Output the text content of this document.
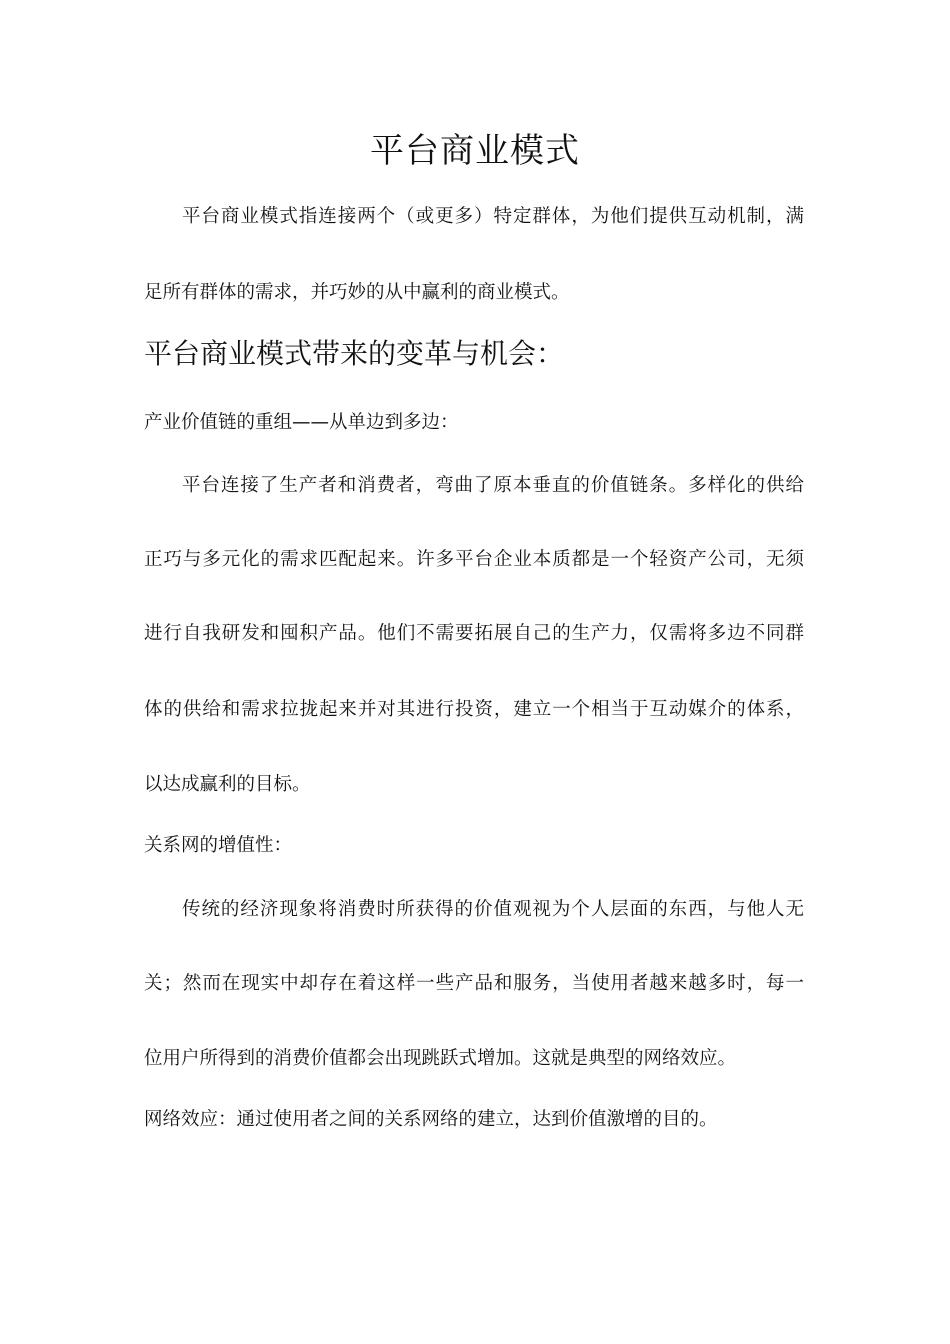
平台商业模式
平台商业模式指连接两个（或更多）特定群体，为他们提供互动机制，满
足所有群体的需求，并巧妙的从中赢利的商业模式。
平台商业模式带来的变革与机会：
产业价值链的重组——从单边到多边：
平台连接了生产者和消费者，弯曲了原本垂直的价值链条。多样化的供给
正巧与多元化的需求匹配起来。许多平台企业本质都是一个轻资产公司，无须
进行自我研发和囤积产品。他们不需要拓展自己的生产力，仅需将多边不同群
体的供给和需求拉拢起来并对其进行投资，建立一个相当于互动媒介的体系，
以达成赢利的目标。
关系网的增值性：
传统的经济现象将消费时所获得的价值观视为个人层面的东西，与他人无
关；然而在现实中却存在着这样一些产品和服务，当使用者越来越多时，每一
位用户所得到的消费价值都会出现跳跃式增加。这就是典型的网络效应。
网络效应：通过使用者之间的关系网络的建立，达到价值激增的目的。
